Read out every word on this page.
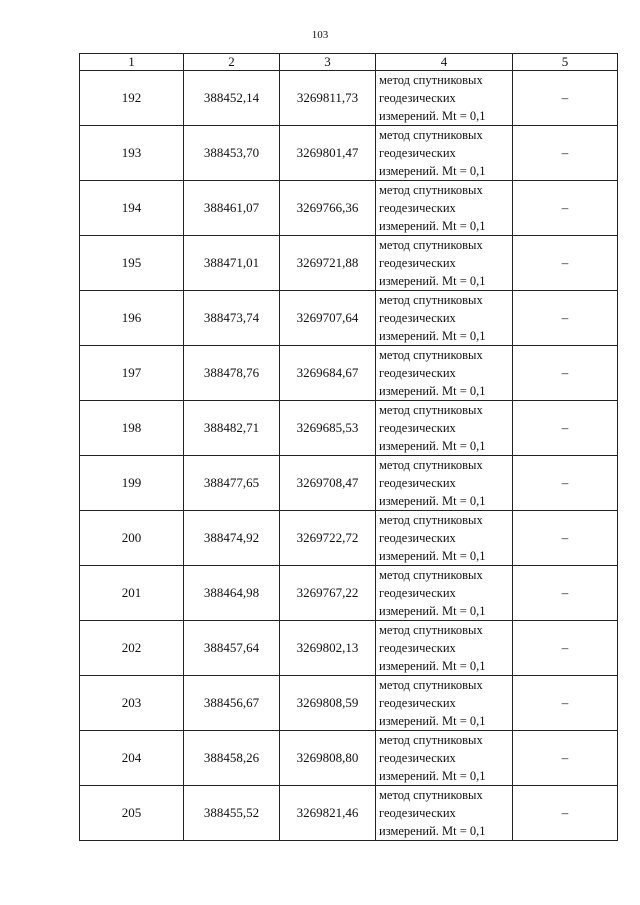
103
1	2	3	4	5
192	388452,14	3269811,73	метод спутниковых
геодезических
измерений. Mt = 0,1	–
193	388453,70	3269801,47	метод спутниковых
геодезических
измерений. Mt = 0,1	–
194	388461,07	3269766,36	метод спутниковых
геодезических
измерений. Mt = 0,1	–
195	388471,01	3269721,88	метод спутниковых
геодезических
измерений. Mt = 0,1	–
196	388473,74	3269707,64	метод спутниковых
геодезических
измерений. Mt = 0,1	–
197	388478,76	3269684,67	метод спутниковых
геодезических
измерений. Mt = 0,1	–
198	388482,71	3269685,53	метод спутниковых
геодезических
измерений. Mt = 0,1	–
199	388477,65	3269708,47	метод спутниковых
геодезических
измерений. Mt = 0,1	–
200	388474,92	3269722,72	метод спутниковых
геодезических
измерений. Mt = 0,1	–
201	388464,98	3269767,22	метод спутниковых
геодезических
измерений. Mt = 0,1	–
202	388457,64	3269802,13	метод спутниковых
геодезических
измерений. Mt = 0,1	–
203	388456,67	3269808,59	метод спутниковых
геодезических
измерений. Mt = 0,1	–
204	388458,26	3269808,80	метод спутниковых
геодезических
измерений. Mt = 0,1	–
205	388455,52	3269821,46	метод спутниковых
геодезических
измерений. Mt = 0,1	–
